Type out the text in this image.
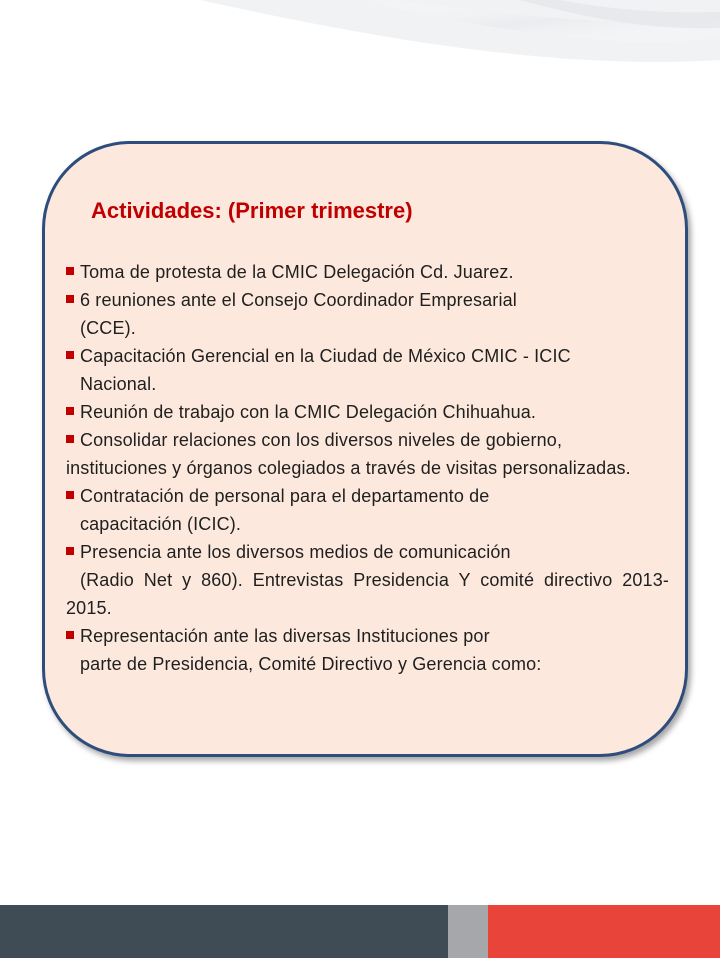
Actividades: (Primer trimestre)
Toma de protesta de la CMIC Delegación Cd. Juarez.
6 reuniones ante el Consejo Coordinador Empresarial
(CCE).
Capacitación Gerencial en la Ciudad de México CMIC - ICIC
Nacional.
Reunión de trabajo con la CMIC Delegación Chihuahua.
Consolidar relaciones con los diversos niveles de gobierno,
instituciones y órganos colegiados a través de visitas personalizadas.
Contratación de personal para el departamento de
capacitación (ICIC).
Presencia ante los diversos medios de comunicación
(Radio Net y 860). Entrevistas Presidencia Y comité directivo 2013-2015.
Representación ante las diversas Instituciones por
parte de Presidencia, Comité Directivo y Gerencia como:
